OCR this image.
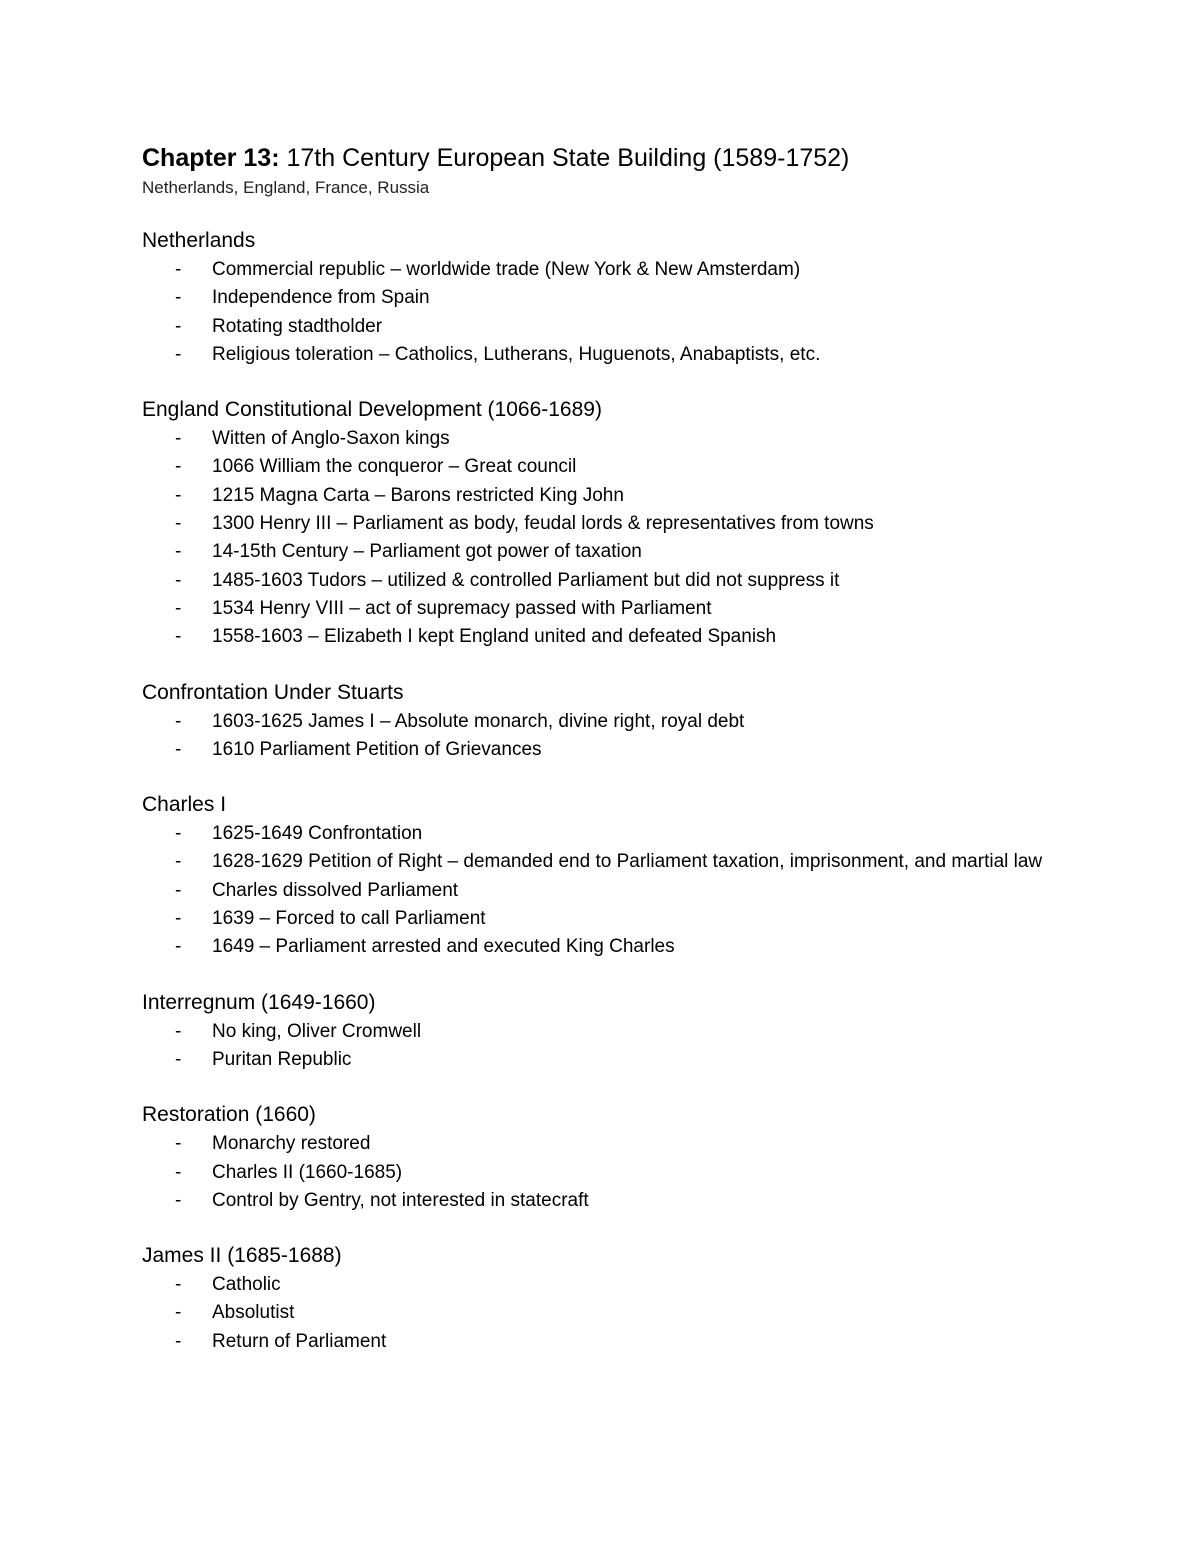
Chapter 13: 17th Century European State Building (1589-1752)

Netherlands, England, France, Russia

Netherlands
- Commercial republic – worldwide trade (New York & New Amsterdam)
- Independence from Spain
- Rotating stadtholder
- Religious toleration – Catholics, Lutherans, Huguenots, Anabaptists, etc.
England Constitutional Development (1066-1689)
- Witten of Anglo-Saxon kings
- 1066 William the conqueror – Great council
- 1215 Magna Carta – Barons restricted King John
- 1300 Henry III – Parliament as body, feudal lords & representatives from towns
- 14-15th Century – Parliament got power of taxation
- 1485-1603 Tudors – utilized & controlled Parliament but did not suppress it
- 1534 Henry VIII – act of supremacy passed with Parliament
- 1558-1603 – Elizabeth I kept England united and defeated Spanish
Confrontation Under Stuarts
- 1603-1625 James I – Absolute monarch, divine right, royal debt
- 1610 Parliament Petition of Grievances
Charles I
- 1625-1649 Confrontation
- 1628-1629 Petition of Right – demanded end to Parliament taxation, imprisonment, and martial law
- Charles dissolved Parliament
- 1639 – Forced to call Parliament
- 1649 – Parliament arrested and executed King Charles
Interregnum (1649-1660)
- No king, Oliver Cromwell
- Puritan Republic
Restoration (1660)
- Monarchy restored
- Charles II (1660-1685)
- Control by Gentry, not interested in statecraft
James II (1685-1688)
- Catholic
- Absolutist
- Return of Parliament
